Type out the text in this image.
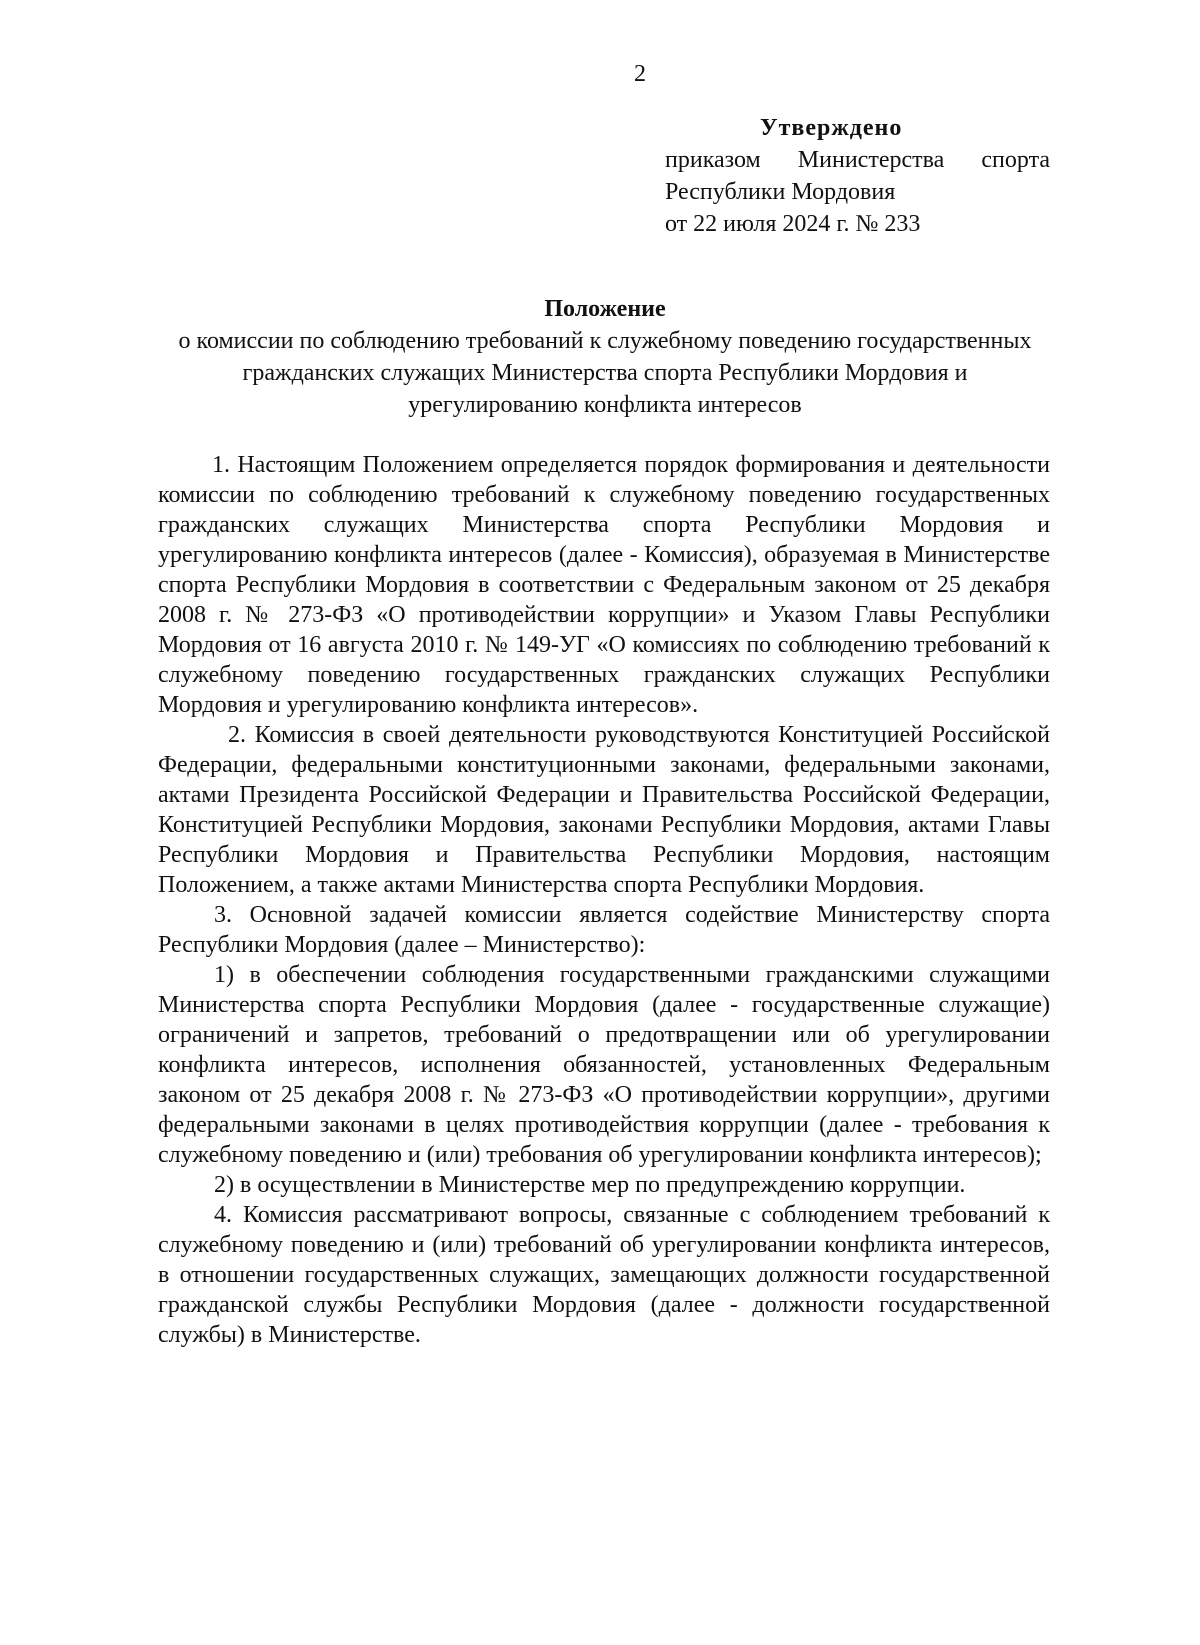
2
Утверждено
приказом Министерства спорта
Республики Мордовия
от 22 июля 2024 г. № 233
Положение
о комиссии по соблюдению требований к служебному поведению государственных гражданских служащих Министерства спорта Республики Мордовия и урегулированию конфликта интересов

1. Настоящим Положением определяется порядок формирования и деятельности комиссии по соблюдению требований к служебному поведению государственных гражданских служащих Министерства спорта Республики Мордовия и урегулированию конфликта интересов (далее - Комиссия), образуемая в Министерстве спорта Республики Мордовия в соответствии с Федеральным законом от 25 декабря 2008 г. № 273-ФЗ «О противодействии коррупции» и Указом Главы Республики Мордовия от 16 августа 2010 г. № 149-УГ «О комиссиях по соблюдению требований к служебному поведению государственных гражданских служащих Республики Мордовия и урегулированию конфликта интересов».

2. Комиссия в своей деятельности руководствуются Конституцией Российской Федерации, федеральными конституционными законами, федеральными законами, актами Президента Российской Федерации и Правительства Российской Федерации, Конституцией Республики Мордовия, законами Республики Мордовия, актами Главы Республики Мордовия и Правительства Республики Мордовия, настоящим Положением, а также актами Министерства спорта Республики Мордовия.

3. Основной задачей комиссии является содействие Министерству спорта Республики Мордовия (далее – Министерство):

1) в обеспечении соблюдения государственными гражданскими служащими Министерства спорта Республики Мордовия (далее - государственные служащие) ограничений и запретов, требований о предотвращении или об урегулировании конфликта интересов, исполнения обязанностей, установленных Федеральным законом от 25 декабря 2008 г. № 273-ФЗ «О противодействии коррупции», другими федеральными законами в целях противодействия коррупции (далее - требования к служебному поведению и (или) требования об урегулировании конфликта интересов);

2) в осуществлении в Министерстве мер по предупреждению коррупции.

4. Комиссия рассматривают вопросы, связанные с соблюдением требований к служебному поведению и (или) требований об урегулировании конфликта интересов, в отношении государственных служащих, замещающих должности государственной гражданской службы Республики Мордовия (далее - должности государственной службы) в Министерстве.
